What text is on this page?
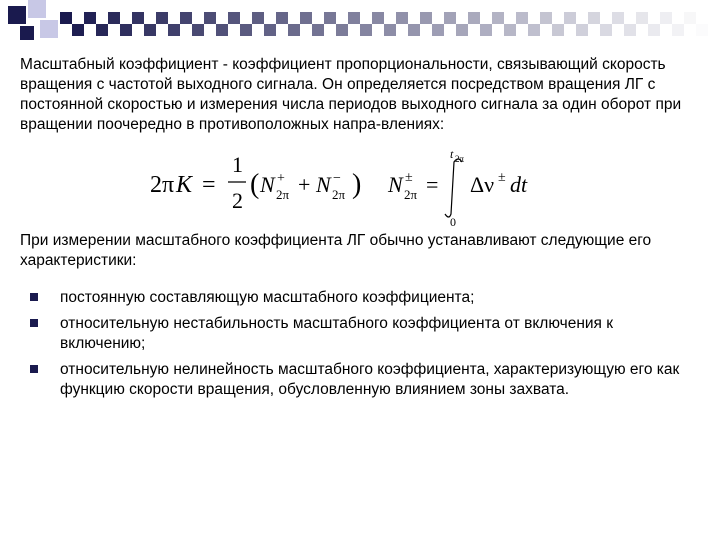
Масштабный коэффициент - коэффициент пропорциональности, связывающий скорость вращения с частотой выходного сигнала. Он определяется посредством вращения ЛГ с постоянной скоростью и измерения числа периодов выходного сигнала за один оборот при вращении поочередно в противоположных напра-влениях:

2π K =
1
2
( N +
2π + N −
2π ) N ±
2π =
t 2π
0
Δν ± dt

При измерении масштабного коэффициента ЛГ обычно устанавливают следующие его характеристики:

постоянную составляющую масштабного коэффициента;
относительную нестабильность масштабного коэффициента от включения к включению;
относительную нелинейность масштабного коэффициента, характеризующую его как функцию скорости вращения, обусловленную влиянием зоны захвата.
